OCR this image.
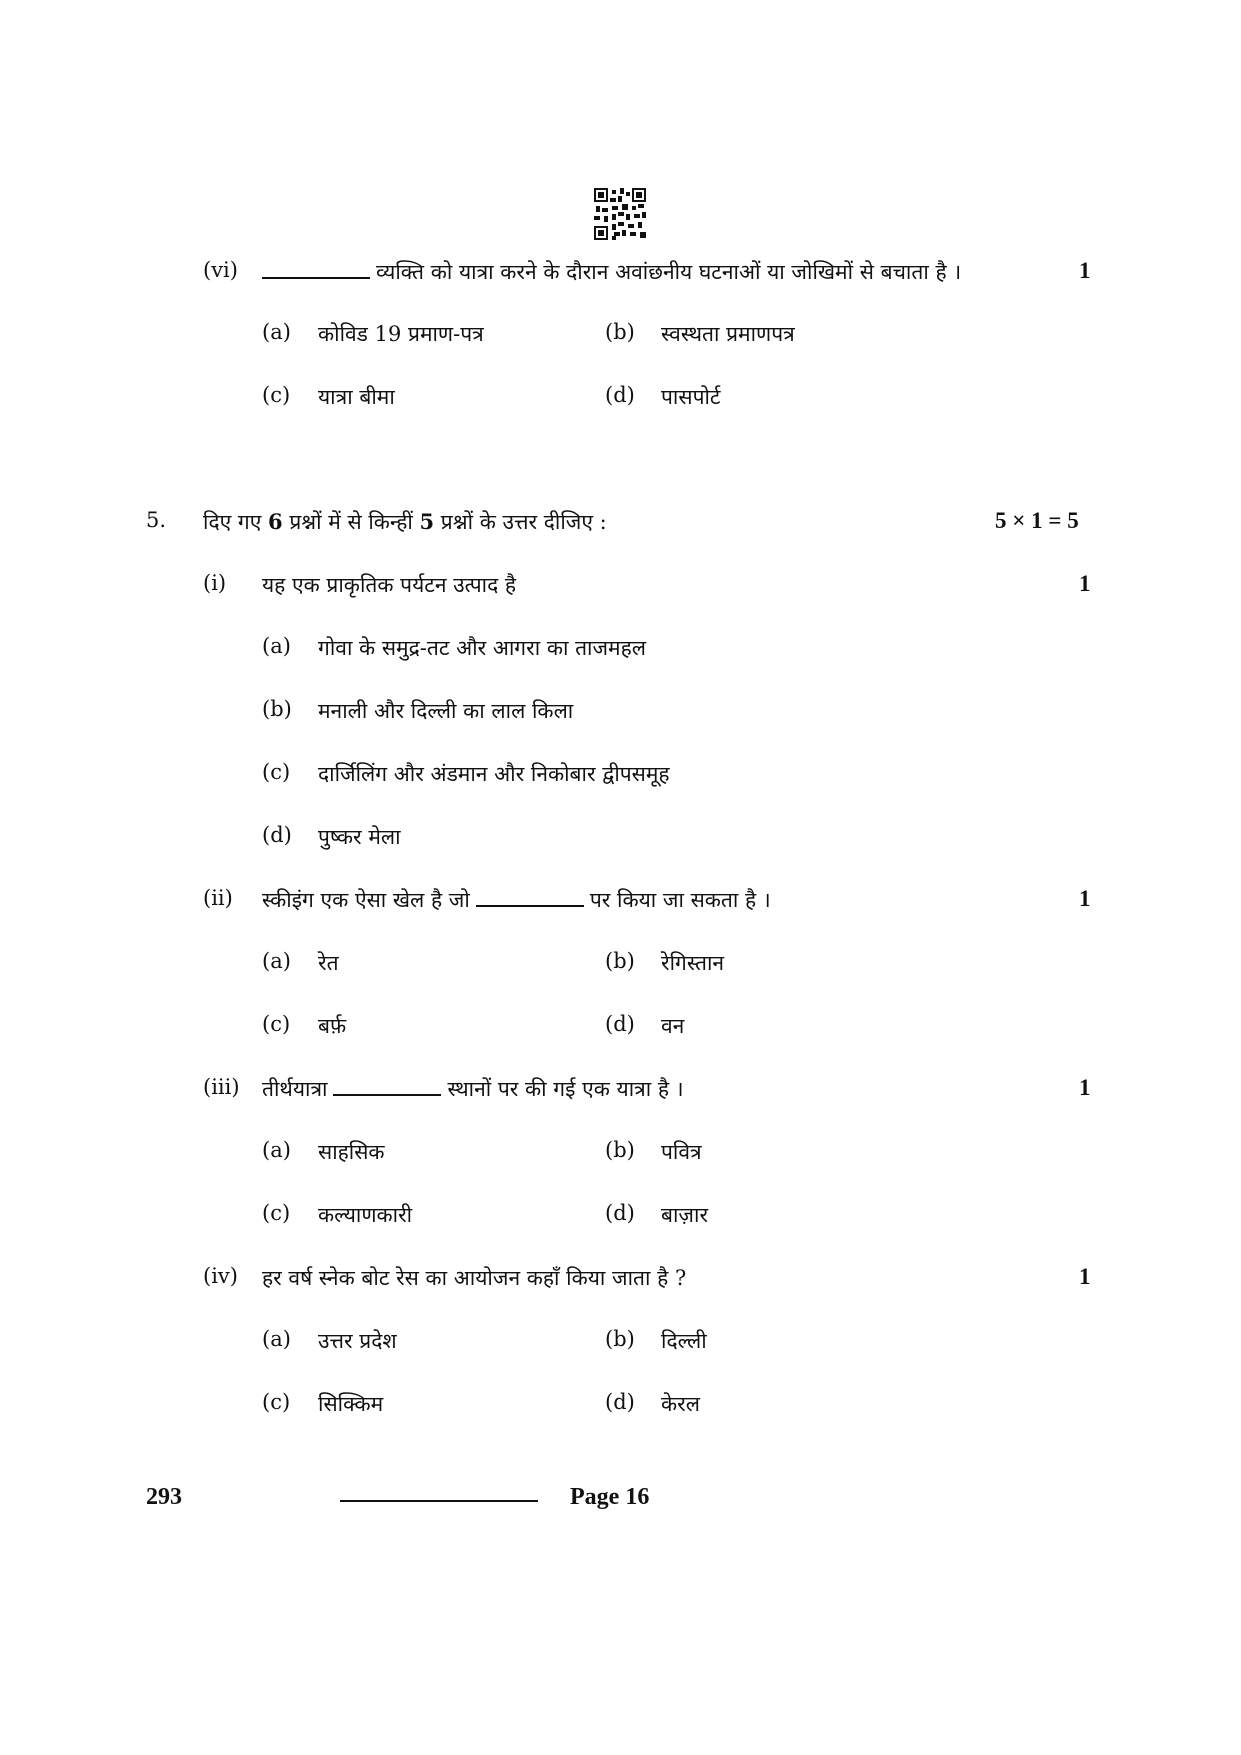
(vi)	व्यक्ति को यात्रा करने के दौरान अवांछनीय घटनाओं या जोखिमों से बचाता है ।	1
(a) कोविड 19 प्रमाण-पत्र	(b) स्वस्थता प्रमाणपत्र
(c) यात्रा बीमा	(d) पासपोर्ट
5. दिए गए 6 प्रश्नों में से किन्हीं 5 प्रश्नों के उत्तर दीजिए :	5 × 1 = 5
(i) यह एक प्राकृतिक पर्यटन उत्पाद है	1
(a) गोवा के समुद्र-तट और आगरा का ताजमहल
(b) मनाली और दिल्ली का लाल किला
(c) दार्जिलिंग और अंडमान और निकोबार द्वीपसमूह
(d) पुष्कर मेला
(ii) स्कीइंग एक ऐसा खेल है जो	पर किया जा सकता है ।	1
(a) रेत	(b) रेगिस्तान
(c) बर्फ़	(d) वन
(iii) तीर्थयात्रा	स्थानों पर की गई एक यात्रा है ।	1
(a) साहसिक	(b) पवित्र
(c) कल्याणकारी	(d) बाज़ार
(iv) हर वर्ष स्नेक बोट रेस का आयोजन कहाँ किया जाता है ?	1
(a) उत्तर प्रदेश	(b) दिल्ली
(c) सिक्किम	(d) केरल
293	Page 16
